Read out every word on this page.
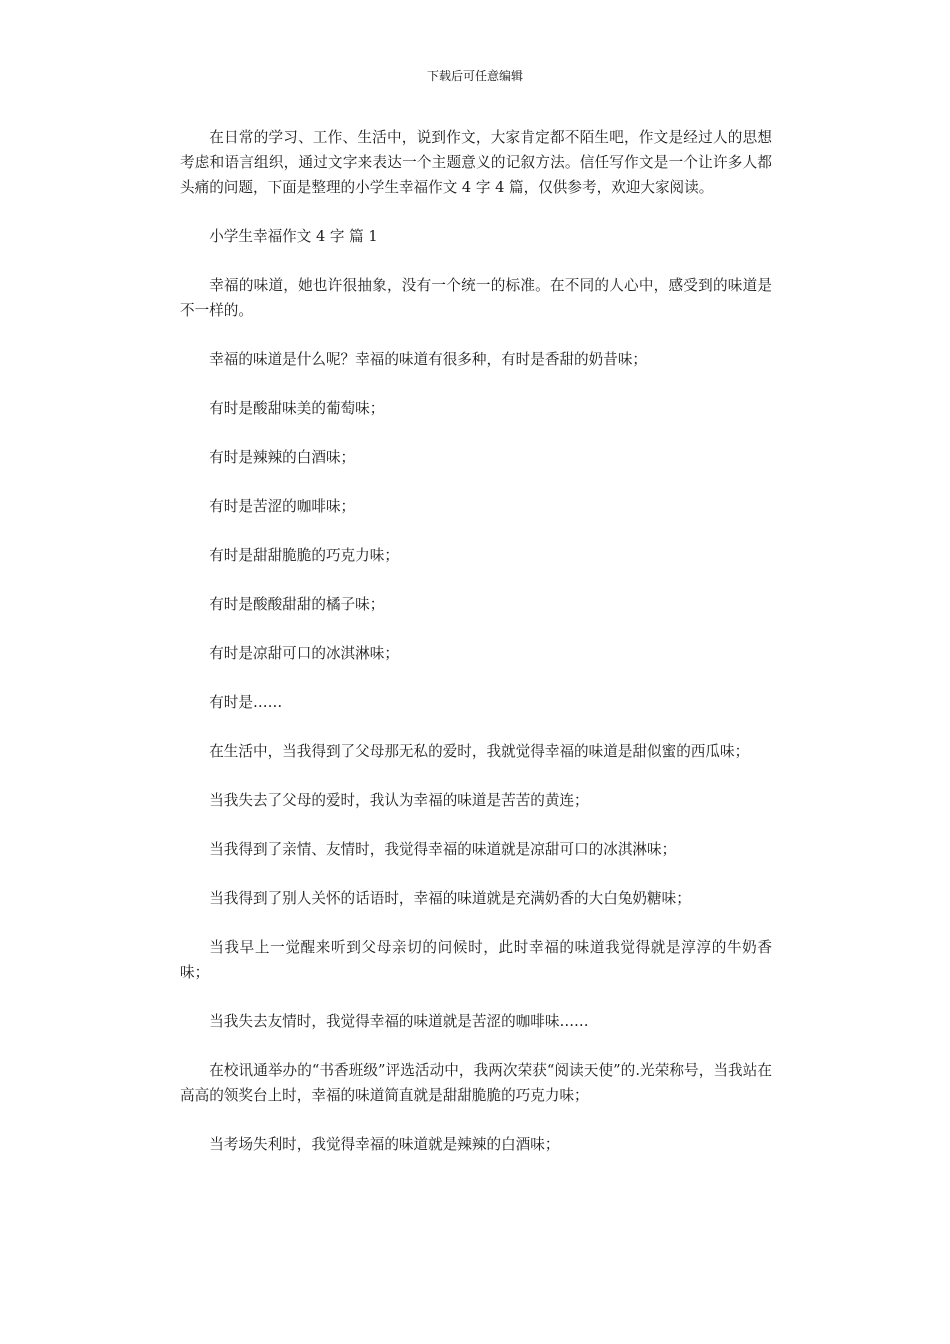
下载后可任意编辑

在日常的学习、工作、生活中，说到作文，大家肯定都不陌生吧，作文是经过人的思想考虑和语言组织，通过文字来表达一个主题意义的记叙方法。信任写作文是一个让许多人都头痛的问题，下面是整理的小学生幸福作文 4 字 4 篇，仅供参考，欢迎大家阅读。

小学生幸福作文 4 字 篇 1

幸福的味道，她也许很抽象，没有一个统一的标准。在不同的人心中，感受到的味道是不一样的。

幸福的味道是什么呢？幸福的味道有很多种，有时是香甜的奶昔味；

有时是酸甜味美的葡萄味；

有时是辣辣的白酒味；

有时是苦涩的咖啡味；

有时是甜甜脆脆的巧克力味；

有时是酸酸甜甜的橘子味；

有时是凉甜可口的冰淇淋味；

有时是……

在生活中，当我得到了父母那无私的爱时，我就觉得幸福的味道是甜似蜜的西瓜味；

当我失去了父母的爱时，我认为幸福的味道是苦苦的黄连；

当我得到了亲情、友情时，我觉得幸福的味道就是凉甜可口的冰淇淋味；

当我得到了别人关怀的话语时，幸福的味道就是充满奶香的大白兔奶糖味；

当我早上一觉醒来听到父母亲切的问候时，此时幸福的味道我觉得就是淳淳的牛奶香味；

当我失去友情时，我觉得幸福的味道就是苦涩的咖啡味……

在校讯通举办的“书香班级”评选活动中，我两次荣获“阅读天使”的.光荣称号，当我站在高高的领奖台上时，幸福的味道简直就是甜甜脆脆的巧克力味；

当考场失利时，我觉得幸福的味道就是辣辣的白酒味；
